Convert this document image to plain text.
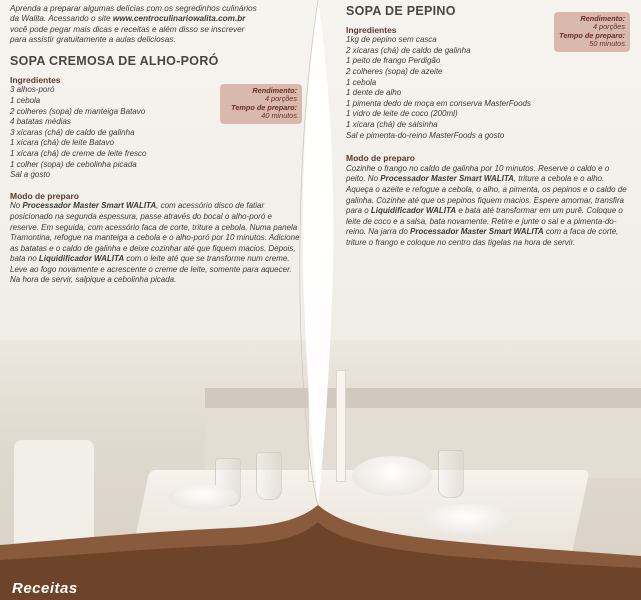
Aprenda a preparar algumas delícias com os segredinhos culinários
da Walita. Acessando o site www.centroculinariowalita.com.br
você pode pegar mais dicas e receitas e além disso se inscrever
para assistir gratuitamente a aulas deliciosas.

SOPA CREMOSA DE ALHO-PORÓ

Ingredientes

3 alhos-poró
1 cebola
2 colheres (sopa) de manteiga Batavo
4 batatas médias
3 xícaras (chá) de caldo de galinha
1 xícara (chá) de leite Batavo
1 xícara (chá) de creme de leite fresco
1 colher (sopa) de cebolinha picada
Sal a gosto

Modo de preparo

No Processador Master Smart WALITA, com acessório disco de fatiar posicionado na segunda espessura, passe através do bocal o alho-poró e reserve. Em seguida, com acessório faca de corte, triture a cebola. Numa panela Tramontina, refogue na manteiga a cebola e o alho-poró por 10 minutos. Adicione as batatas e o caldo de galinha e deixe cozinhar até que fiquem macios. Depois, bata no Liquidificador WALITA com o leite até que se transforme num creme. Leve ao fogo novamente e acrescente o creme de leite, somente para aquecer. Na hora de servir, salpique a cebolinha picada.

Rendimento:
4 porções
Tempo de preparo:
40 minutos

SOPA DE PEPINO

Ingredientes

1kg de pepino sem casca
2 xícaras (chá) de caldo de galinha
1 peito de frango Perdigão
2 colheres (sopa) de azeite
1 cebola
1 dente de alho
1 pimenta dedo de moça em conserva MasterFoods
1 vidro de leite de coco (200ml)
1 xícara (chá) de salsinha
Sal e pimenta-do-reino MasterFoods a gosto

Modo de preparo

Cozinhe o frango no caldo de galinha por 10 minutos. Reserve o caldo e o peito. No Processador Master Smart WALITA, triture a cebola e o alho. Aqueça o azeite e refogue a cebola, o alho, a pimenta, os pepinos e o caldo de galinha. Cozinhe até que os pepinos fiquem macios. Espere amornar, transfira para o Liquidificador WALITA e bata até transformar em um purê. Coloque o leite de coco e a salsa, bata novamente. Retire e junte o sal e a pimenta-do-reino. Na jarra do Processador Master Smart WALITA com a faca de corte, triture o frango e coloque no centro das tigelas na hora de servir.

Rendimento:
4 porções
Tempo de preparo:
50 minutos
Receitas
